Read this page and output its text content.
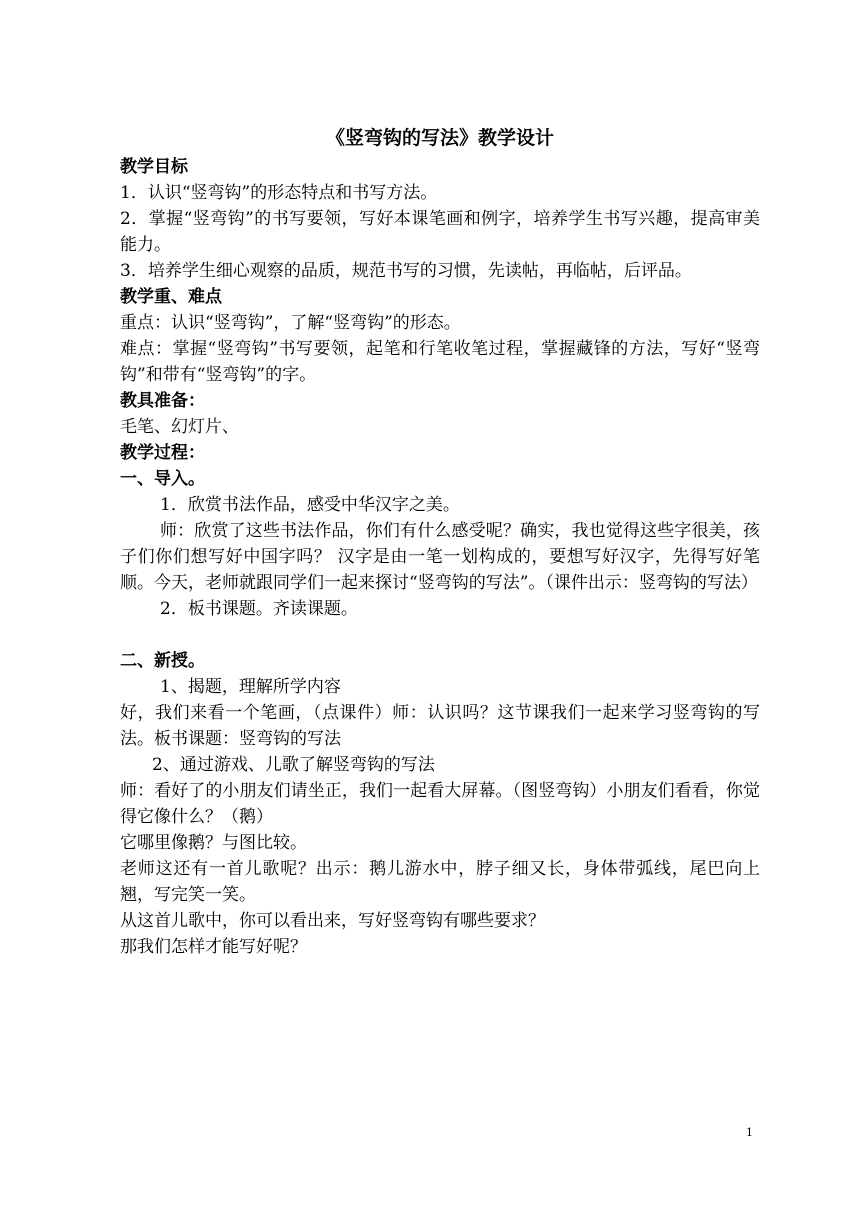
《竖弯钩的写法》教学设计
教学目标
1．认识“竖弯钩”的形态特点和书写方法。
2．掌握“竖弯钩”的书写要领，写好本课笔画和例字，培养学生书写兴趣，提高审美能力。
3．培养学生细心观察的品质，规范书写的习惯，先读帖，再临帖，后评品。
教学重、难点
重点：认识“竖弯钩”，了解“竖弯钩”的形态。
难点：掌握“竖弯钩”书写要领，起笔和行笔收笔过程，掌握藏锋的方法，写好“竖弯钩”和带有“竖弯钩”的字。
教具准备：
毛笔、幻灯片、
教学过程：
一、导入。
1．欣赏书法作品，感受中华汉字之美。
师：欣赏了这些书法作品，你们有什么感受呢？确实，我也觉得这些字很美，孩子们你们想写好中国字吗？ 汉字是由一笔一划构成的，要想写好汉字，先得写好笔顺。今天，老师就跟同学们一起来探讨“竖弯钩的写法”。（课件出示：竖弯钩的写法）
2．板书课题。齐读课题。
二、新授。
1、揭题，理解所学内容
好，我们来看一个笔画，（点课件）师：认识吗？这节课我们一起来学习竖弯钩的写法。板书课题：竖弯钩的写法
2、通过游戏、儿歌了解竖弯钩的写法
师：看好了的小朋友们请坐正，我们一起看大屏幕。（图竖弯钩）小朋友们看看，你觉得它像什么？（鹅）
它哪里像鹅？与图比较。
老师这还有一首儿歌呢？出示：鹅儿游水中，脖子细又长，身体带弧线，尾巴向上翘，写完笑一笑。
从这首儿歌中，你可以看出来，写好竖弯钩有哪些要求？
那我们怎样才能写好呢？
1
